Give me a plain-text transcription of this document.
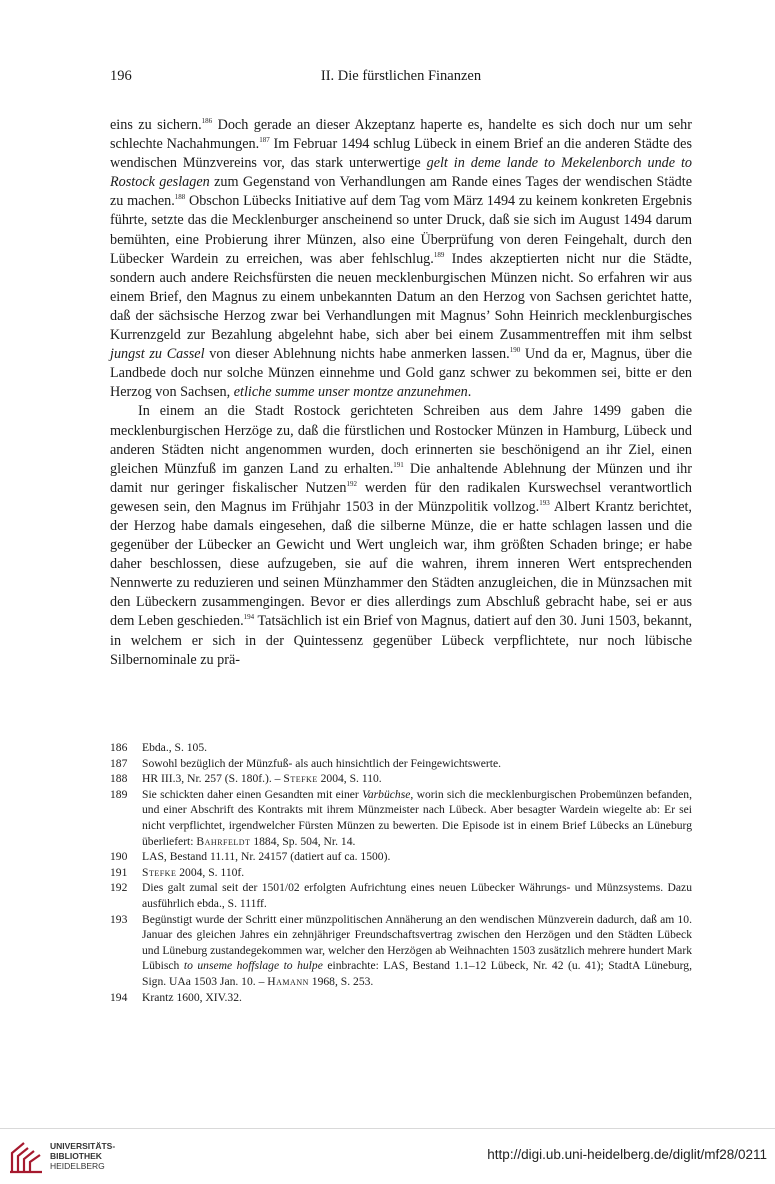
196	II. Die fürstlichen Finanzen

eins zu sichern.$^{186}$ Doch gerade an dieser Akzeptanz haperte es, handelte es sich doch nur um sehr schlechte Nachahmungen.$^{187}$ Im Februar 1494 schlug Lübeck in einem Brief an die anderen Städte des wendischen Münzvereins vor, das stark unterwertige gelt in deme lande to Mekelenborch unde to Rostock geslagen zum Gegenstand von Verhandlungen am Rande eines Tages der wendischen Städte zu machen.$^{188}$ Obschon Lübecks Initiative auf dem Tag vom März 1494 zu keinem konkreten Ergebnis führte, setzte das die Mecklenburger anscheinend so unter Druck, daß sie sich im August 1494 darum bemühten, eine Probierung ihrer Münzen, also eine Überprüfung von deren Feingehalt, durch den Lübecker Wardein zu erreichen, was aber fehlschlug.$^{189}$ Indes akzeptierten nicht nur die Städte, sondern auch andere Reichsfürsten die neuen mecklenburgischen Münzen nicht. So erfahren wir aus einem Brief, den Magnus zu einem unbekannten Datum an den Herzog von Sachsen gerichtet hatte, daß der sächsische Herzog zwar bei Verhandlungen mit Magnus’ Sohn Heinrich mecklenburgisches Kurrenzgeld zur Bezahlung abgelehnt habe, sich aber bei einem Zusammentreffen mit ihm selbst jungst zu Cassel von dieser Ablehnung nichts habe anmerken lassen.$^{190}$ Und da er, Magnus, über die Landbede doch nur solche Münzen einnehme und Gold ganz schwer zu bekommen sei, bitte er den Herzog von Sachsen, etliche summe unser montze anzunehmen.

In einem an die Stadt Rostock gerichteten Schreiben aus dem Jahre 1499 gaben die mecklenburgischen Herzöge zu, daß die fürstlichen und Rostocker Münzen in Hamburg, Lübeck und anderen Städten nicht angenommen wurden, doch erinnerten sie beschönigend an ihr Ziel, einen gleichen Münzfuß im ganzen Land zu erhalten.$^{191}$ Die anhaltende Ablehnung der Münzen und ihr damit nur geringer fiskalischer Nutzen$^{192}$ werden für den radikalen Kurswechsel verantwortlich gewesen sein, den Magnus im Frühjahr 1503 in der Münzpolitik vollzog.$^{193}$ Albert Krantz berichtet, der Herzog habe damals eingesehen, daß die silberne Münze, die er hatte schlagen lassen und die gegenüber der Lübecker an Gewicht und Wert ungleich war, ihm größten Schaden bringe; er habe daher beschlossen, diese aufzugeben, sie auf die wahren, ihrem inneren Wert entsprechenden Nennwerte zu reduzieren und seinen Münzhammer den Städten anzugleichen, die in Münzsachen mit den Lübeckern zusammengingen. Bevor er dies allerdings zum Abschluß gebracht habe, sei er aus dem Leben geschieden.$^{194}$ Tatsächlich ist ein Brief von Magnus, datiert auf den 30. Juni 1503, bekannt, in welchem er sich in der Quintessenz gegenüber Lübeck verpflichtete, nur noch lübische Silbernominale zu prä-

186	Ebda., S. 105.
187	Sowohl bezüglich der Münzfuß- als auch hinsichtlich der Feingewichtswerte.
188	HR III.3, Nr. 257 (S. 180f.). – Stefke 2004, S. 110.
189	Sie schickten daher einen Gesandten mit einer Varbüchse, worin sich die mecklenburgischen Probemünzen befanden, und einer Abschrift des Kontrakts mit ihrem Münzmeister nach Lübeck. Aber besagter Wardein wiegelte ab: Er sei nicht verpflichtet, irgendwelcher Fürsten Münzen zu bewerten. Die Episode ist in einem Brief Lübecks an Lüneburg überliefert: Bahrfeldt 1884, Sp. 504, Nr. 14.
190	LAS, Bestand 11.11, Nr. 24157 (datiert auf ca. 1500).
191	Stefke 2004, S. 110f.
192	Dies galt zumal seit der 1501/02 erfolgten Aufrichtung eines neuen Lübecker Währungs- und Münzsystems. Dazu ausführlich ebda., S. 111ff.
193	Begünstigt wurde der Schritt einer münzpolitischen Annäherung an den wendischen Münzverein dadurch, daß am 10. Januar des gleichen Jahres ein zehnjähriger Freundschaftsvertrag zwischen den Herzögen und den Städten Lübeck und Lüneburg zustandegekommen war, welcher den Herzögen ab Weihnachten 1503 zusätzlich mehrere hundert Mark Lübisch to unseme hoffslage to hulpe einbrachte: LAS, Bestand 1.1–12 Lübeck, Nr. 42 (u. 41); StadtA Lüneburg, Sign. UAa 1503 Jan. 10. – Hamann 1968, S. 253.
194	Krantz 1600, XIV.32.
UNIVERSITÄTS-
BIBLIOTHEK
HEIDELBERG
http://digi.ub.uni-heidelberg.de/diglit/mf28/0211
